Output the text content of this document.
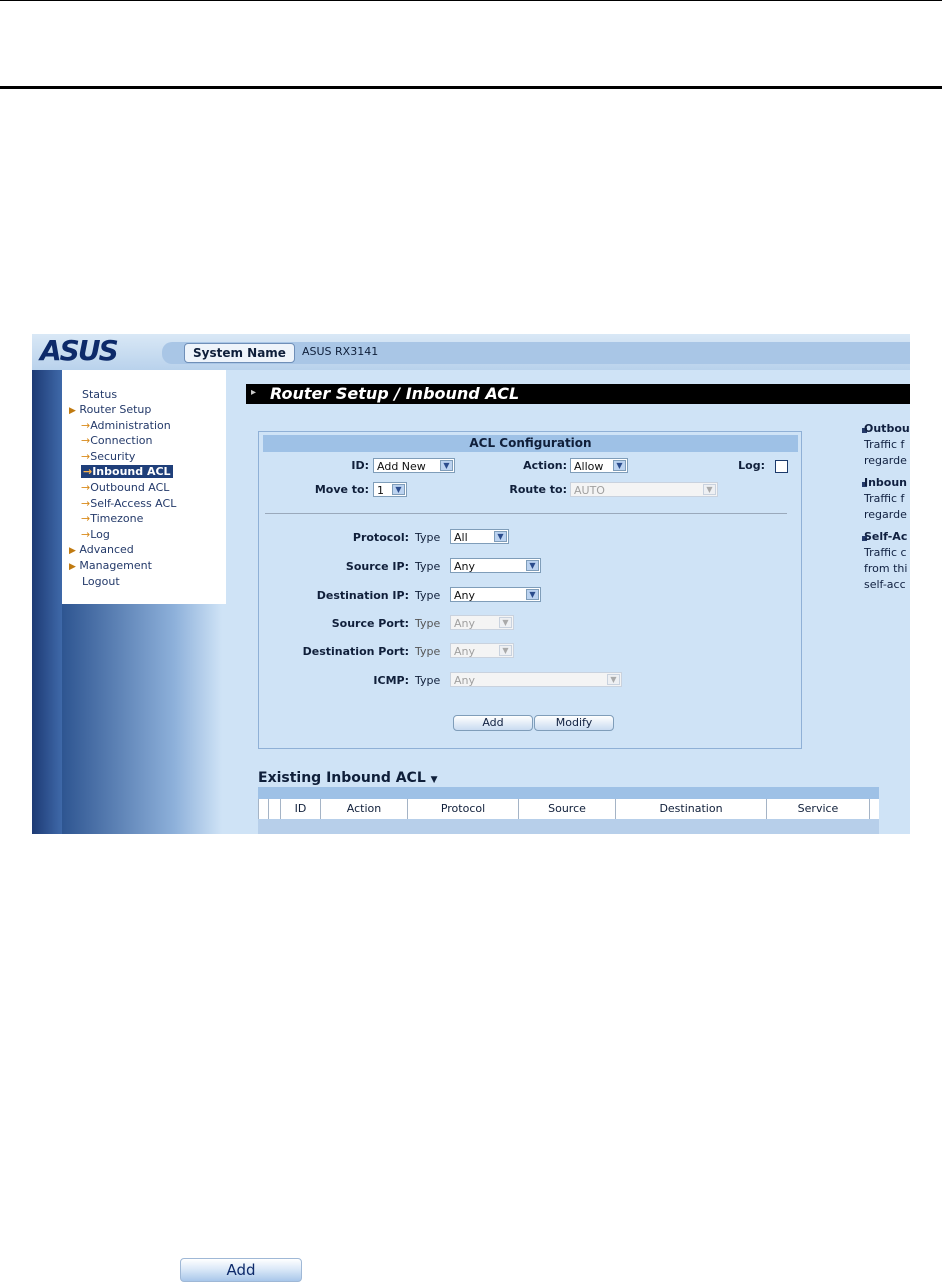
ASUS	System Name	ASUS RX3141
Status
▶ Router Setup
→Administration
→Connection
→Security
→Inbound ACL
→Outbound ACL
→Self-Access ACL
→Timezone
→Log
▶ Advanced
▶ Management
Logout
▸ Router Setup / Inbound ACL
ACL Configuration
ID: Add New	▼	Action: Allow	▼	Log:
Move to: 1	▼	Route to: AUTO	▼
Protocol: Type	All	▼
Source IP: Type	Any	▼
Destination IP: Type	Any	▼
Source Port: Type	Any	▼
Destination Port: Type	Any	▼
ICMP: Type	Any	▼
Add	Modify
Outbou
Traffic f
regarde
Inboun
Traffic f
regarde
Self-Ac
Traffic c
from thi
self-acc
Existing Inbound ACL ▼
ID	Action	Protocol	Source	Destination	Service
Add
